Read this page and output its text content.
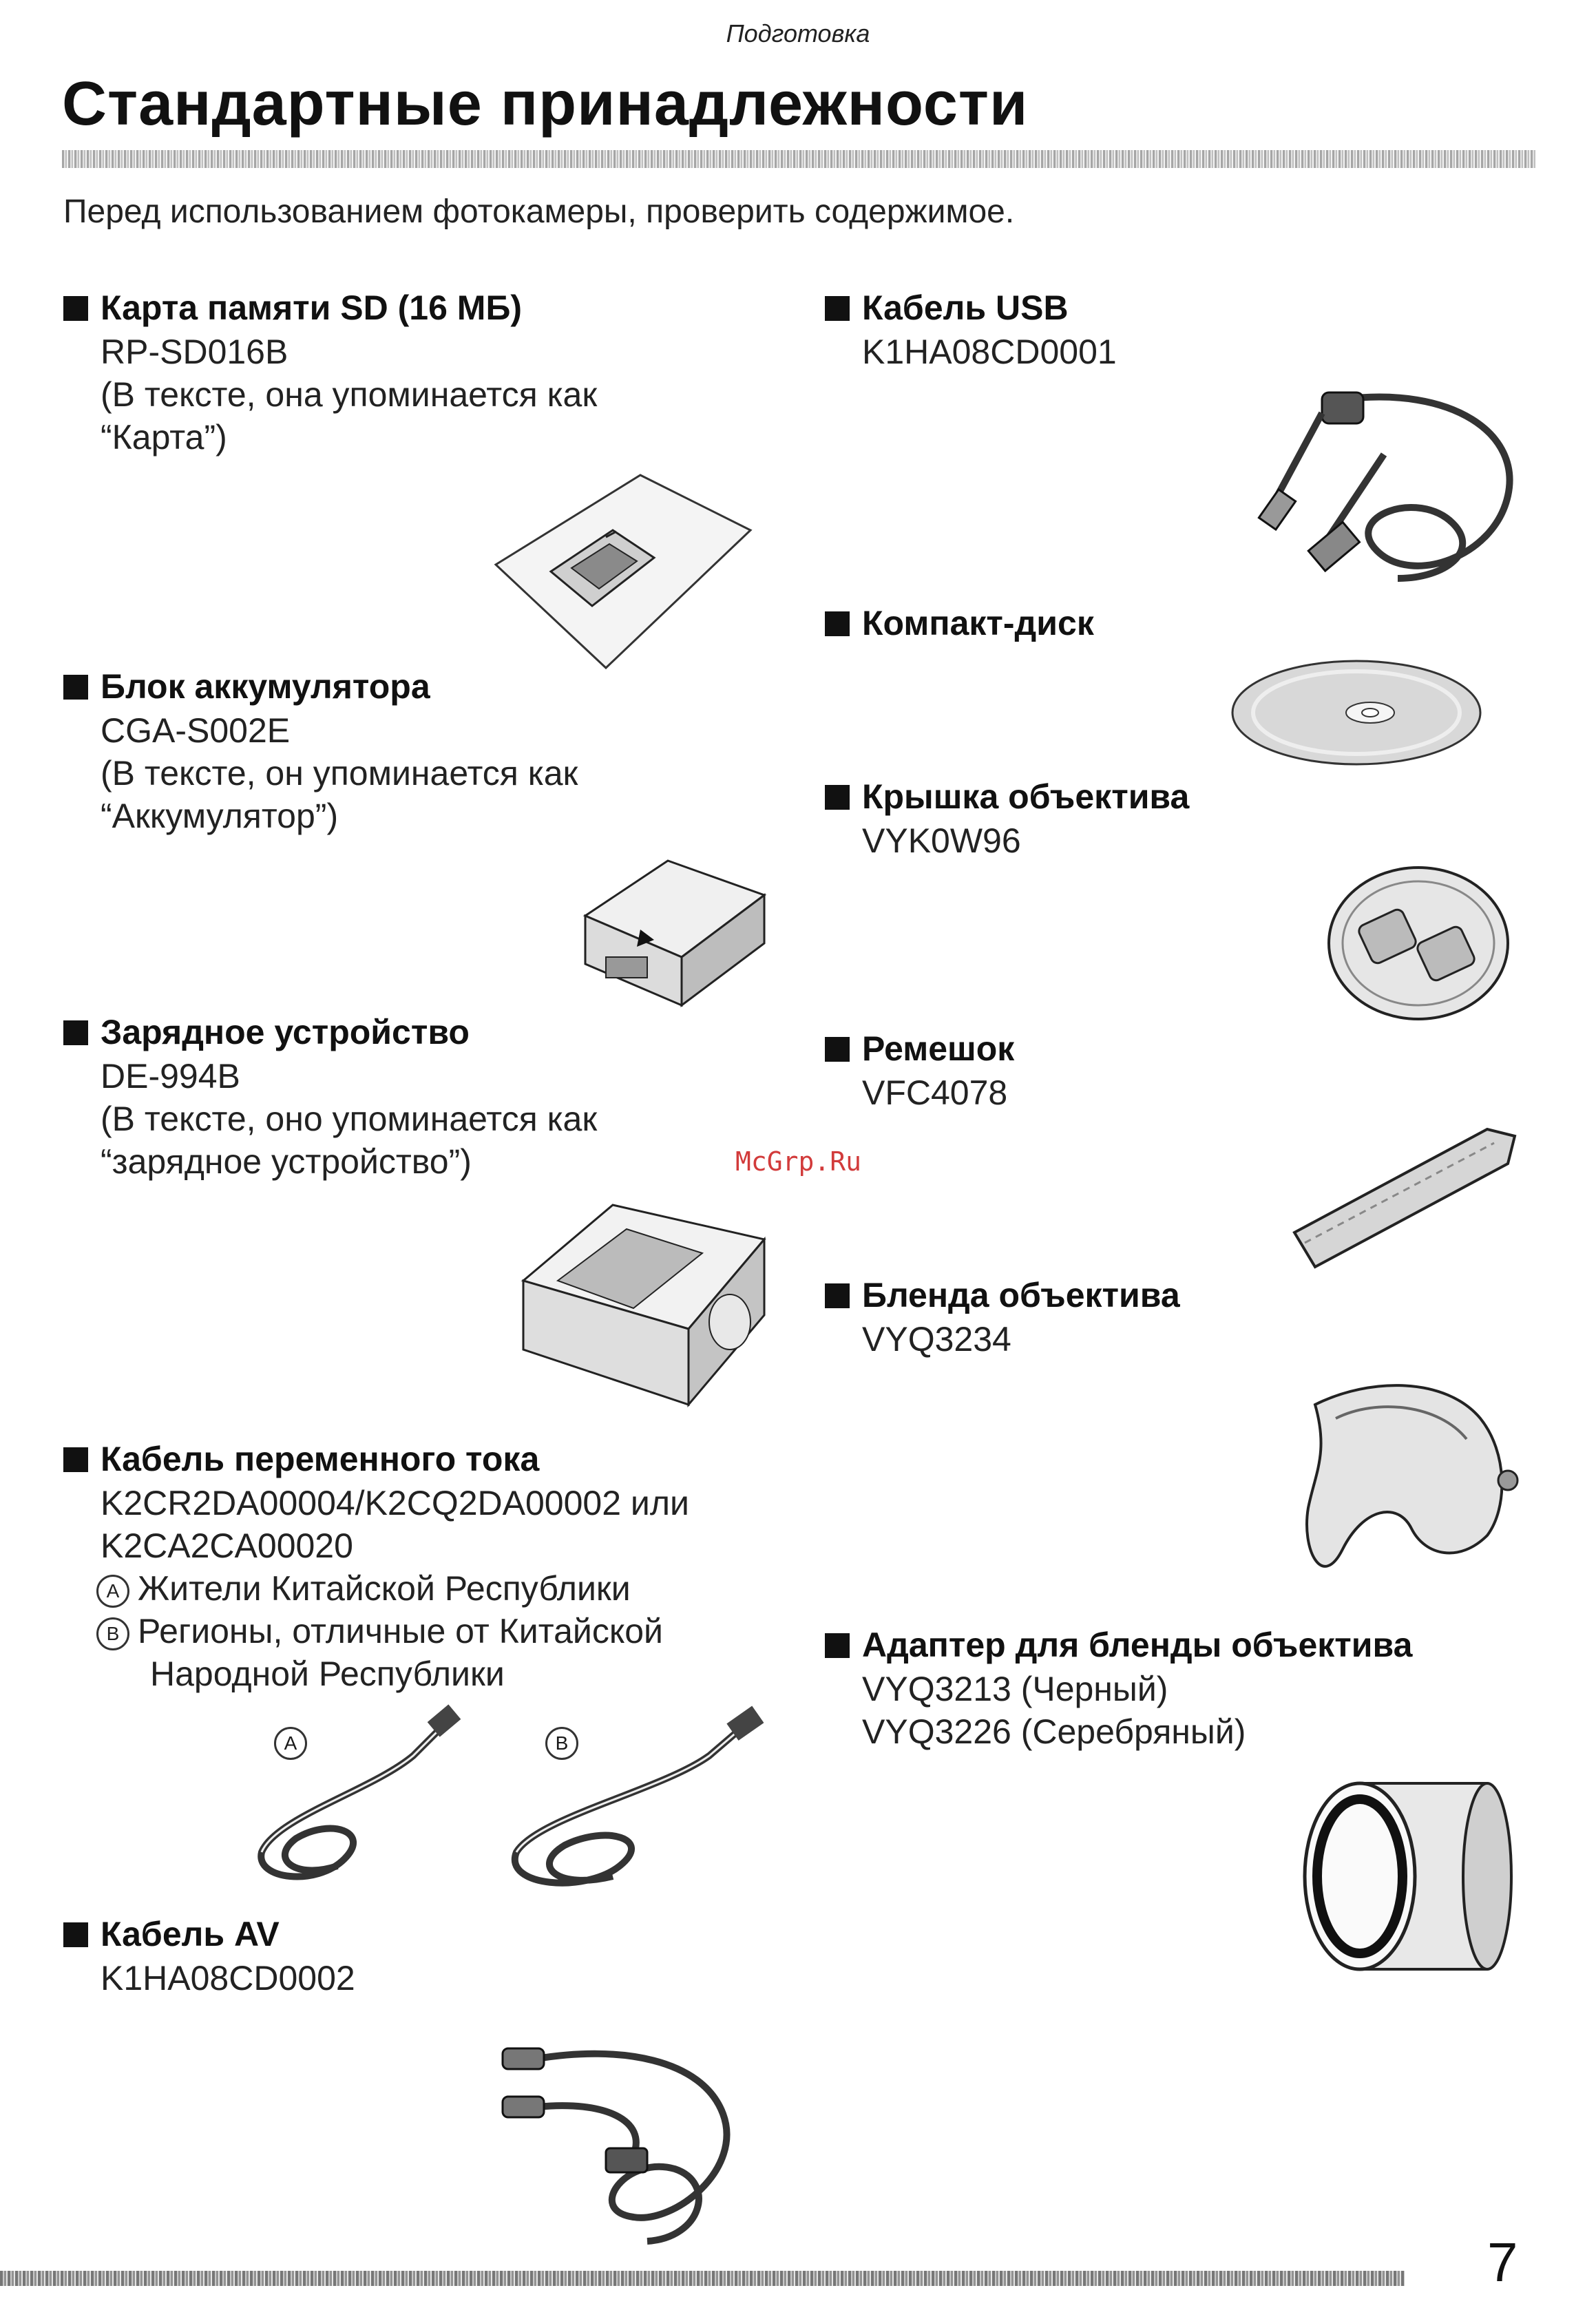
Подготовка
Стандартные принадлежности
Перед использованием фотокамеры, проверить содержимое.
Карта памяти SD (16 МБ)
RP-SD016B
(В тексте, она упоминается как
“Карта”)
Блок аккумулятора
CGA-S002E
(В тексте, он упоминается как
“Аккумулятор”)
Зарядное устройство
DE-994B
(В тексте, оно упоминается как
“зарядное устройство”)
Кабель переменного тока
K2CR2DA00004/K2CQ2DA00002 или
K2CA2CA00020
A Жители Китайской Республики
B Регионы, отличные от Китайской
Народной Республики
A	B
Кабель AV
K1HA08CD0002
Кабель USB
K1HA08CD0001
Компакт-диск
Крышка объектива
VYK0W96
Ремешок
VFC4078
Бленда объектива
VYQ3234
Адаптер для бленды объектива
VYQ3213 (Черный)
VYQ3226 (Серебряный)
McGrp.Ru
7
